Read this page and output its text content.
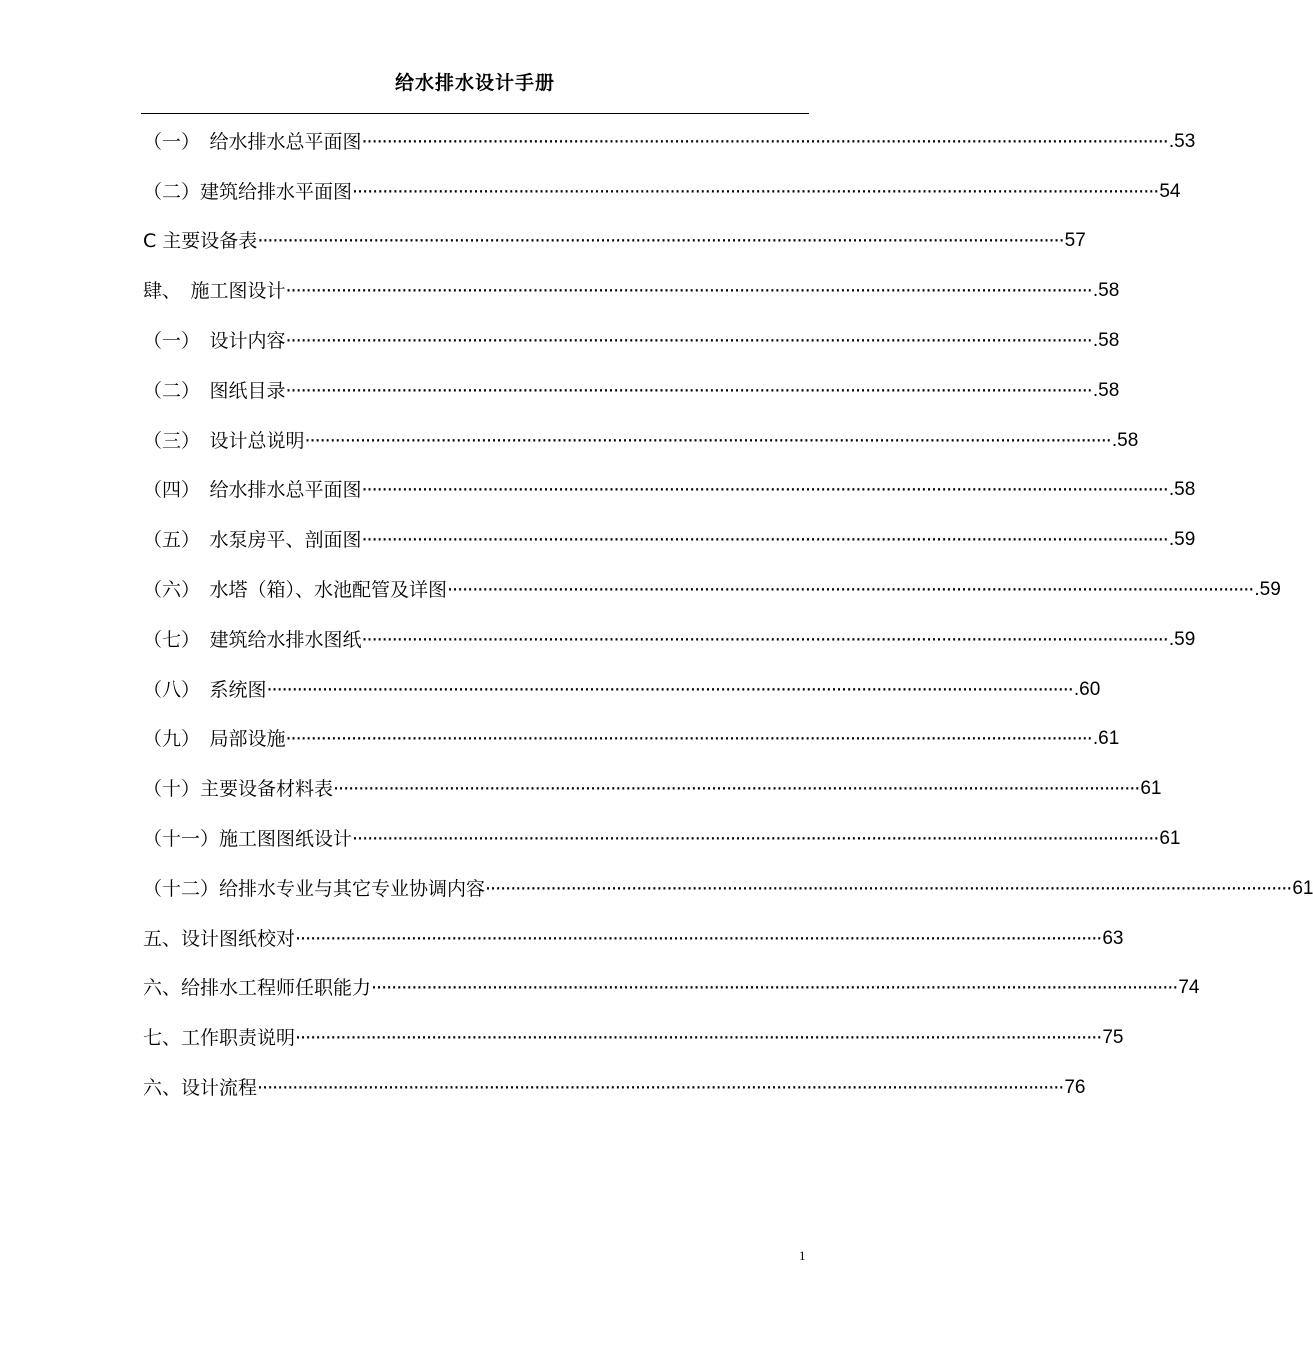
给水排水设计手册
（一）　给水排水总平面图 ································································································································································ .53
（二）建筑给排水平面图 ································································································································································ 54
C 主要设备表 ································································································································································ 57
肆、　施工图设计 ································································································································································ .58
（一）　设计内容 ································································································································································ .58
（二）　图纸目录 ································································································································································ .58
（三）　设计总说明 ································································································································································ .58
（四）　给水排水总平面图 ································································································································································ .58
（五）　水泵房平、剖面图 ································································································································································ .59
（六）　水塔（箱）、水池配管及详图 ································································································································································ .59
（七）　建筑给水排水图纸 ································································································································································ .59
（八）　系统图 ································································································································································ .60
（九）　局部设施 ································································································································································ .61
（十）主要设备材料表 ································································································································································ 61
（十一）施工图图纸设计 ································································································································································ 61
（十二）给排水专业与其它专业协调内容 ································································································································································ 61
五、设计图纸校对 ································································································································································ 63
六、给排水工程师任职能力 ································································································································································ 74
七、工作职责说明 ································································································································································ 75
六、设计流程 ································································································································································ 76
1
